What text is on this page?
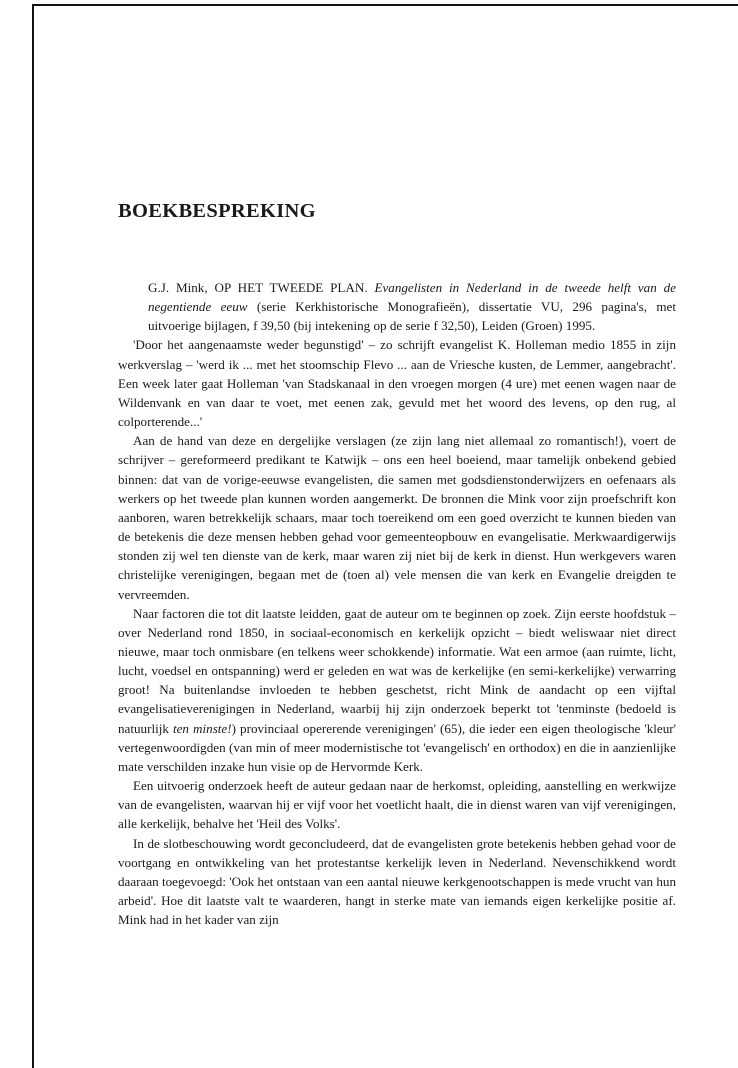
BOEKBESPREKING

G.J. Mink, OP HET TWEEDE PLAN. Evangelisten in Nederland in de tweede helft van de negentiende eeuw (serie Kerkhistorische Monografieën), dissertatie VU, 296 pagina's, met uitvoerige bijlagen, f 39,50 (bij intekening op de serie f 32,50), Leiden (Groen) 1995.

'Door het aangenaamste weder begunstigd' – zo schrijft evangelist K. Holleman medio 1855 in zijn werkverslag – 'werd ik ... met het stoomschip Flevo ... aan de Vriesche kusten, de Lemmer, aangebracht'. Een week later gaat Holleman 'van Stadskanaal in den vroegen morgen (4 ure) met eenen wagen naar de Wildenvank en van daar te voet, met eenen zak, gevuld met het woord des levens, op den rug, al colporterende...'

Aan de hand van deze en dergelijke verslagen (ze zijn lang niet allemaal zo romantisch!), voert de schrijver – gereformeerd predikant te Katwijk – ons een heel boeiend, maar tamelijk onbekend gebied binnen: dat van de vorige-eeuwse evangelisten, die samen met godsdienstonderwijzers en oefenaars als werkers op het tweede plan kunnen worden aangemerkt. De bronnen die Mink voor zijn proefschrift kon aanboren, waren betrekkelijk schaars, maar toch toereikend om een goed overzicht te kunnen bieden van de betekenis die deze mensen hebben gehad voor gemeenteopbouw en evangelisatie. Merkwaardigerwijs stonden zij wel ten dienste van de kerk, maar waren zij niet bij de kerk in dienst. Hun werkgevers waren christelijke verenigingen, begaan met de (toen al) vele mensen die van kerk en Evangelie dreigden te vervreemden.

Naar factoren die tot dit laatste leidden, gaat de auteur om te beginnen op zoek. Zijn eerste hoofdstuk – over Nederland rond 1850, in sociaal-economisch en kerkelijk opzicht – biedt weliswaar niet direct nieuwe, maar toch onmisbare (en telkens weer schokkende) informatie. Wat een armoe (aan ruimte, licht, lucht, voedsel en ontspanning) werd er geleden en wat was de kerkelijke (en semi-kerkelijke) verwarring groot! Na buitenlandse invloeden te hebben geschetst, richt Mink de aandacht op een vijftal evangelisatieverenigingen in Nederland, waarbij hij zijn onderzoek beperkt tot 'tenminste (bedoeld is natuurlijk ten minste!) provinciaal opererende verenigingen' (65), die ieder een eigen theologische 'kleur' vertegenwoordigden (van min of meer modernistische tot 'evangelisch' en orthodox) en die in aanzienlijke mate verschilden inzake hun visie op de Hervormde Kerk.

Een uitvoerig onderzoek heeft de auteur gedaan naar de herkomst, opleiding, aanstelling en werkwijze van de evangelisten, waarvan hij er vijf voor het voetlicht haalt, die in dienst waren van vijf verenigingen, alle kerkelijk, behalve het 'Heil des Volks'.

In de slotbeschouwing wordt geconcludeerd, dat de evangelisten grote betekenis hebben gehad voor de voortgang en ontwikkeling van het protestantse kerkelijk leven in Nederland. Nevenschikkend wordt daaraan toegevoegd: 'Ook het ontstaan van een aantal nieuwe kerkgenootschappen is mede vrucht van hun arbeid'. Hoe dit laatste valt te waarderen, hangt in sterke mate van iemands eigen kerkelijke positie af. Mink had in het kader van zijn
